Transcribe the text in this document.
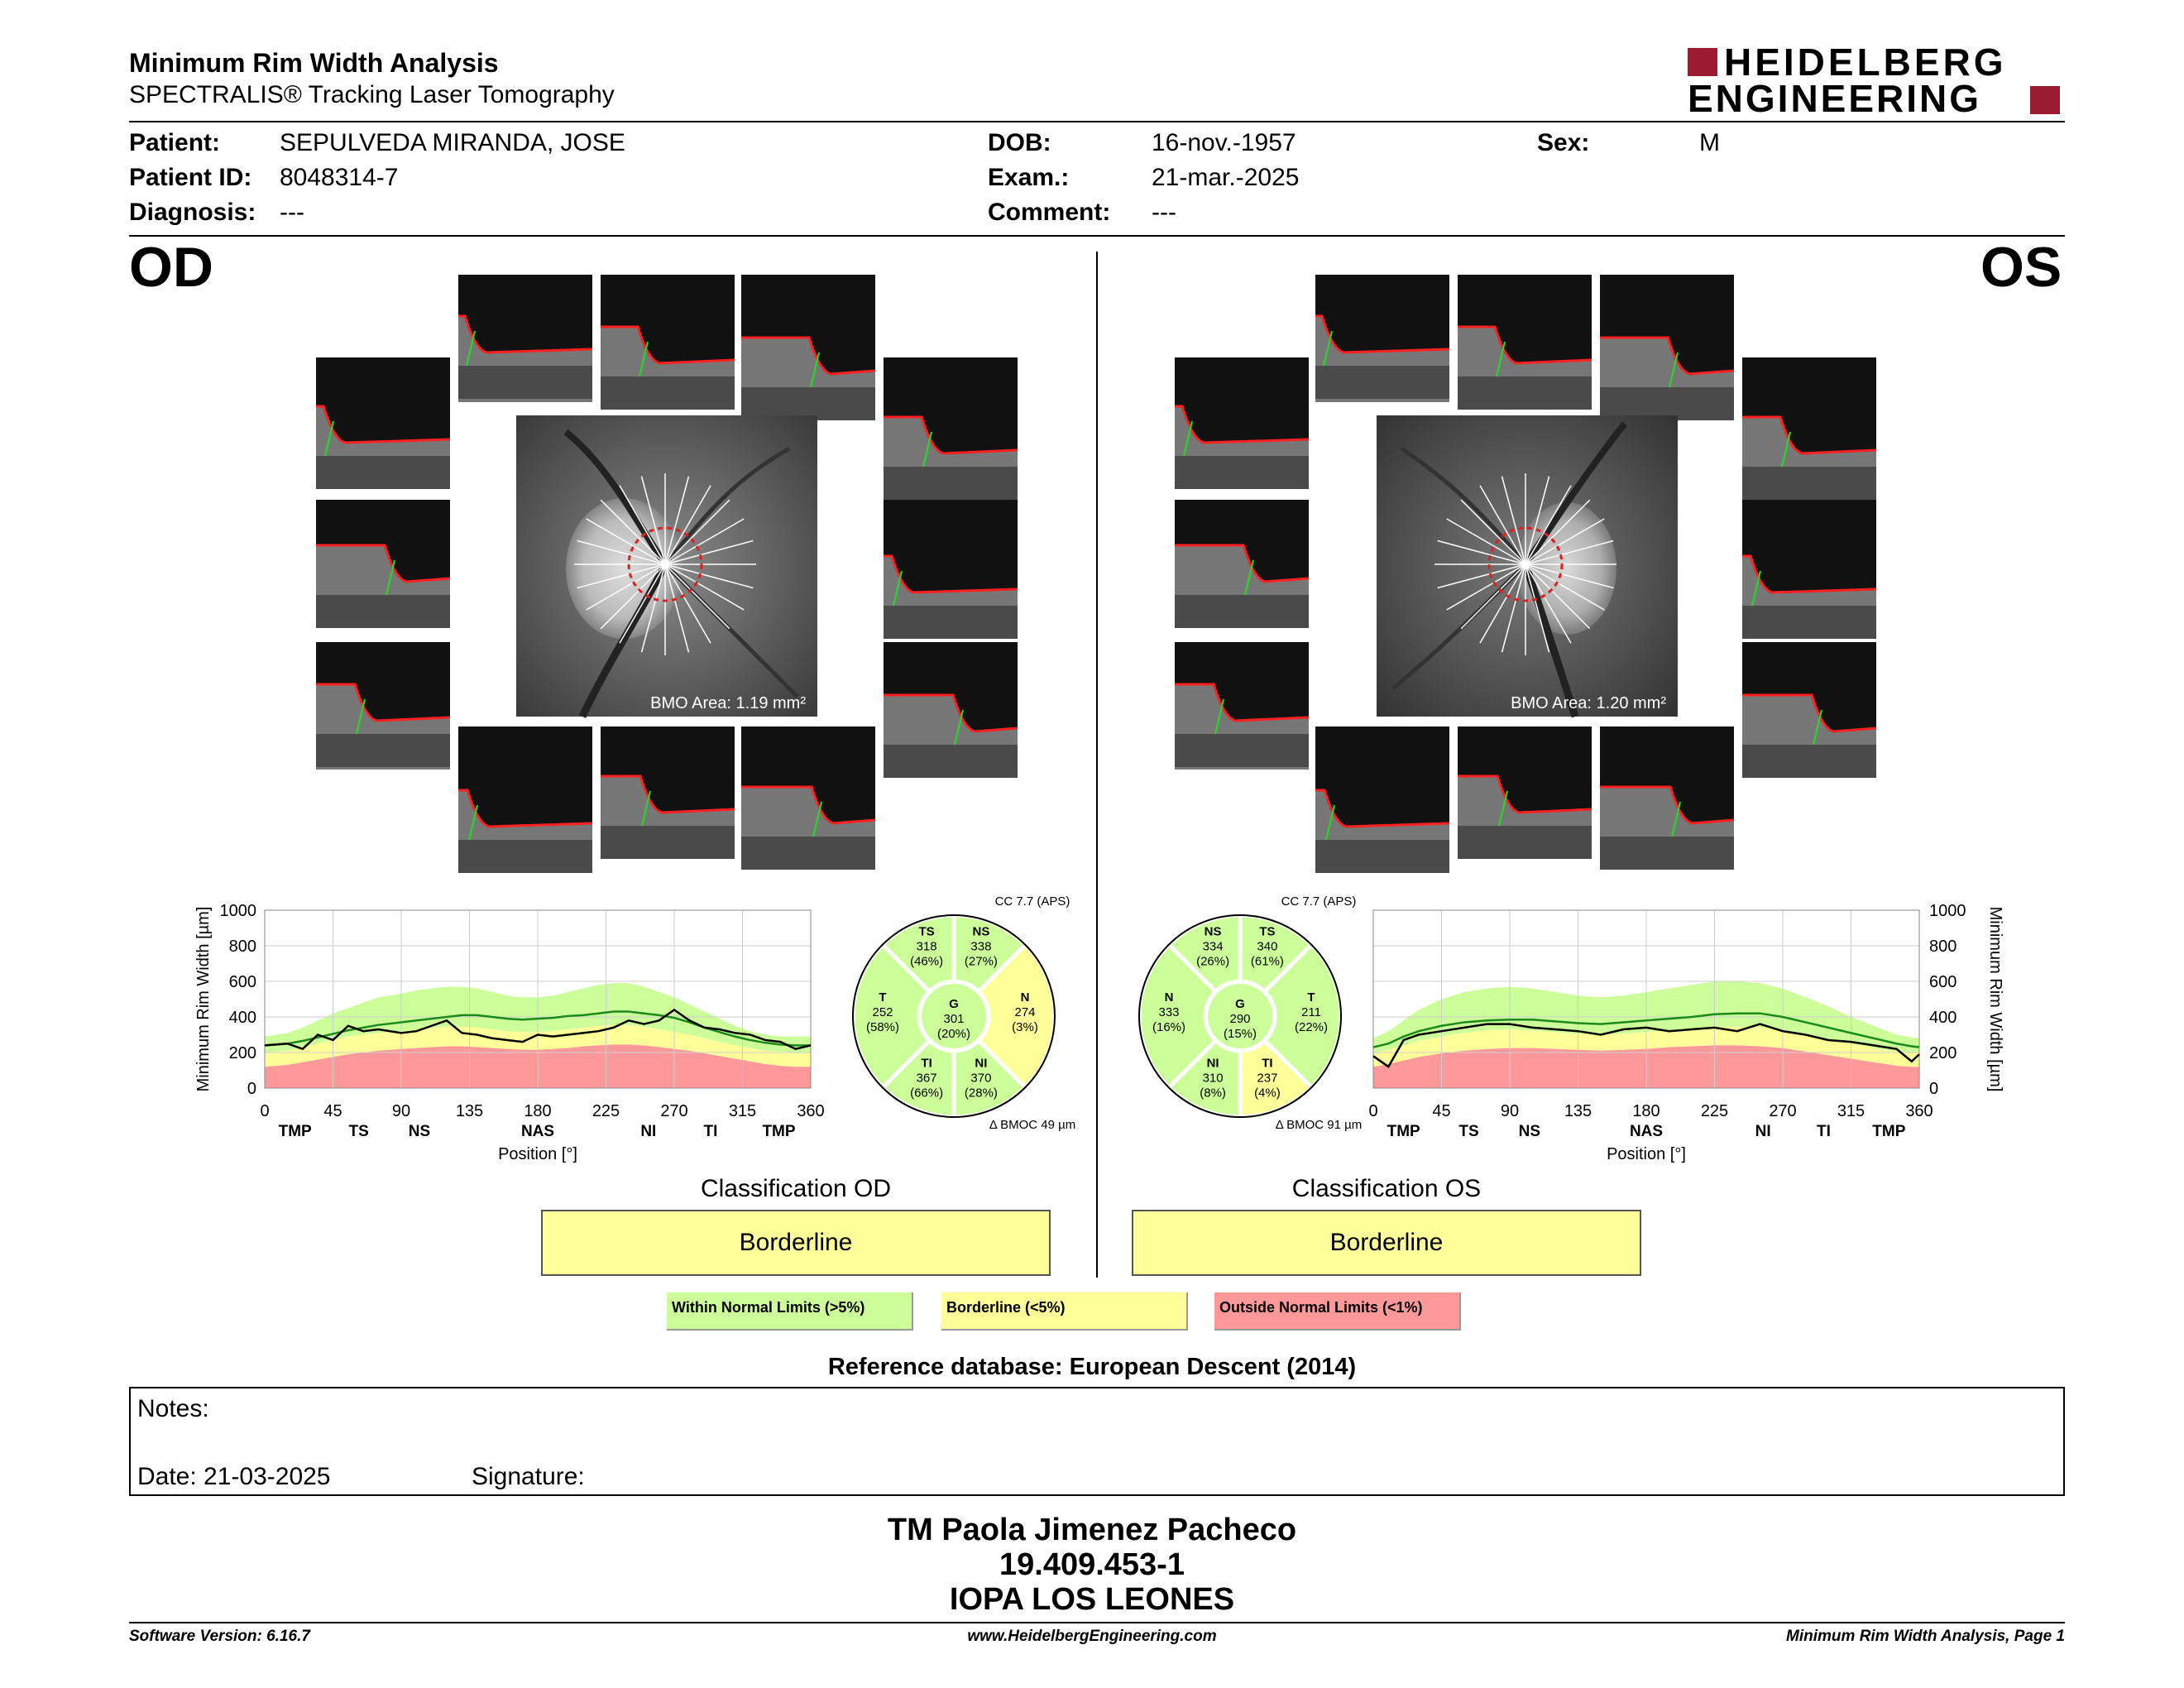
Minimum Rim Width Analysis
SPECTRALIS® Tracking Laser Tomography
HEIDELBERG
ENGINEERING
Patient: SEPULVEDA MIRANDA, JOSE
Patient ID: 8048314-7
Diagnosis: ---
DOB:	16-nov.-1957
Exam.:	21-mar.-2025
Comment: ---
Sex:	M
OD	OS
BMO Area: 1.19 mm²	BMO Area: 1.20 mm²
0
200
400
600
800
1000
0	45	90	135 180 225 270 315 360
TMP TS	NS	NAS	NI	TI	TMP
Position [°]
Minimum Rim Width [µm]	0
200
400
600
800
1000
0	45	90	135 180 225 270 315 360
TMP TS	NS	NAS	NI	TI	TMP
Position [°]
Minimum Rim Width [µm]
CC 7.7 (APS)
TS
318
(46%)
NS
338
(27%)
N
274
(3%)
NI
370
(28%)
TI
367
(66%)
T
252
(58%)
G
301
(20%)
Δ BMOC 49 µm
CC 7.7 (APS)
NS
334
(26%)
TS
340
(61%)
T
211
(22%)
TI
237
(4%)
NI
310
(8%)
N
333
(16%)
G
290
(15%)
Δ BMOC 91 µm
Classification OD
Borderline
Classification OS
Borderline
Within Normal Limits (>5%)	Borderline (<5%)	Outside Normal Limits (<1%)
Reference database: European Descent (2014)
Notes:
Date: 21-03-2025	Signature:
TM Paola Jimenez Pacheco
19.409.453-1
IOPA LOS LEONES
Software Version: 6.16.7	www.HeidelbergEngineering.com	Minimum Rim Width Analysis, Page 1
